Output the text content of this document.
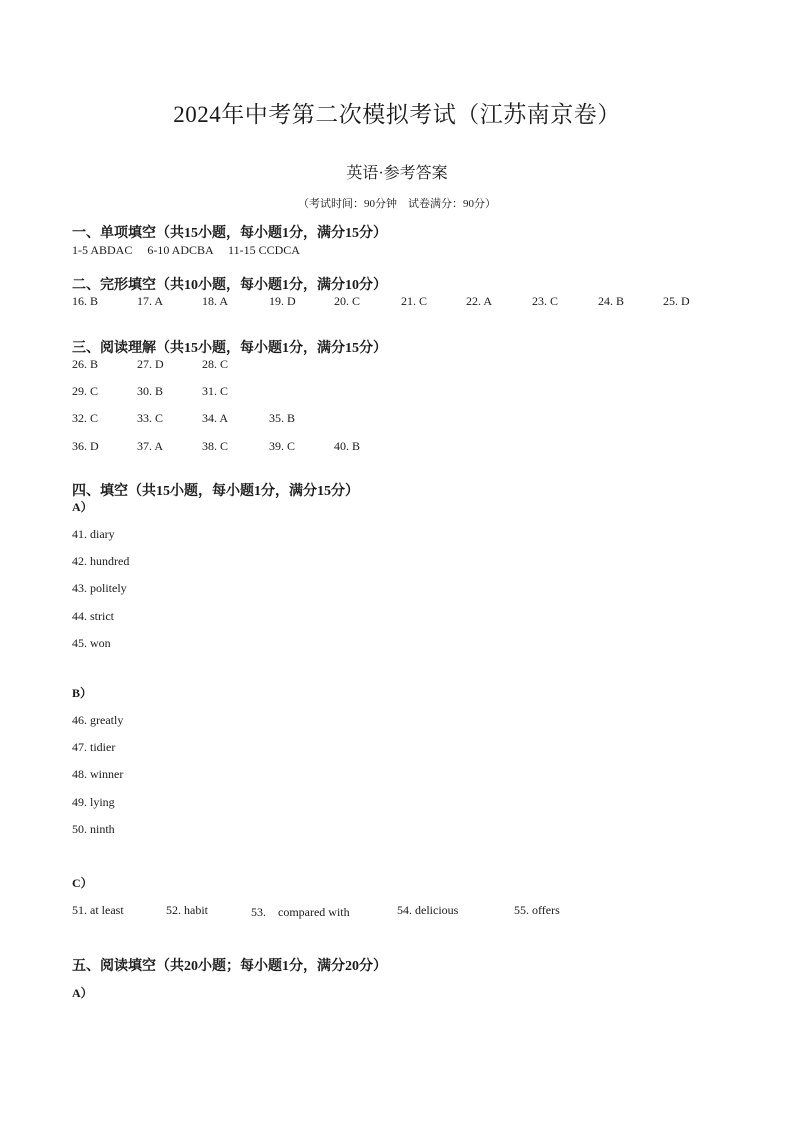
2024年中考第二次模拟考试（江苏南京卷）
英语·参考答案
（考试时间：90分钟　试卷满分：90分）
一、单项填空（共15小题，每小题1分，满分15分）
1-5 ABDAC　 6-10 ADCBA　 11-15 CCDCA
二、完形填空（共10小题，每小题1分，满分10分）
16. B	17. A	18. A	19. D	20. C	21. C	22. A	23. C	24. B	25. D
三、阅读理解（共15小题，每小题1分，满分15分）
26. B	27. D	28. C
29. C	30. B	31. C
32. C	33. C	34. A	35. B
36. D	37. A	38. C	39. C	40. B
四、填空（共15小题，每小题1分，满分15分）
A）
41. diary
42. hundred
43. politely
44. strict
45. won
B）
46. greatly
47. tidier
48. winner
49. lying
50. ninth
C）
51. at least	52. habit	53.　compared with	54. delicious	55. offers
五、阅读填空（共20小题；每小题1分，满分20分）
A）
